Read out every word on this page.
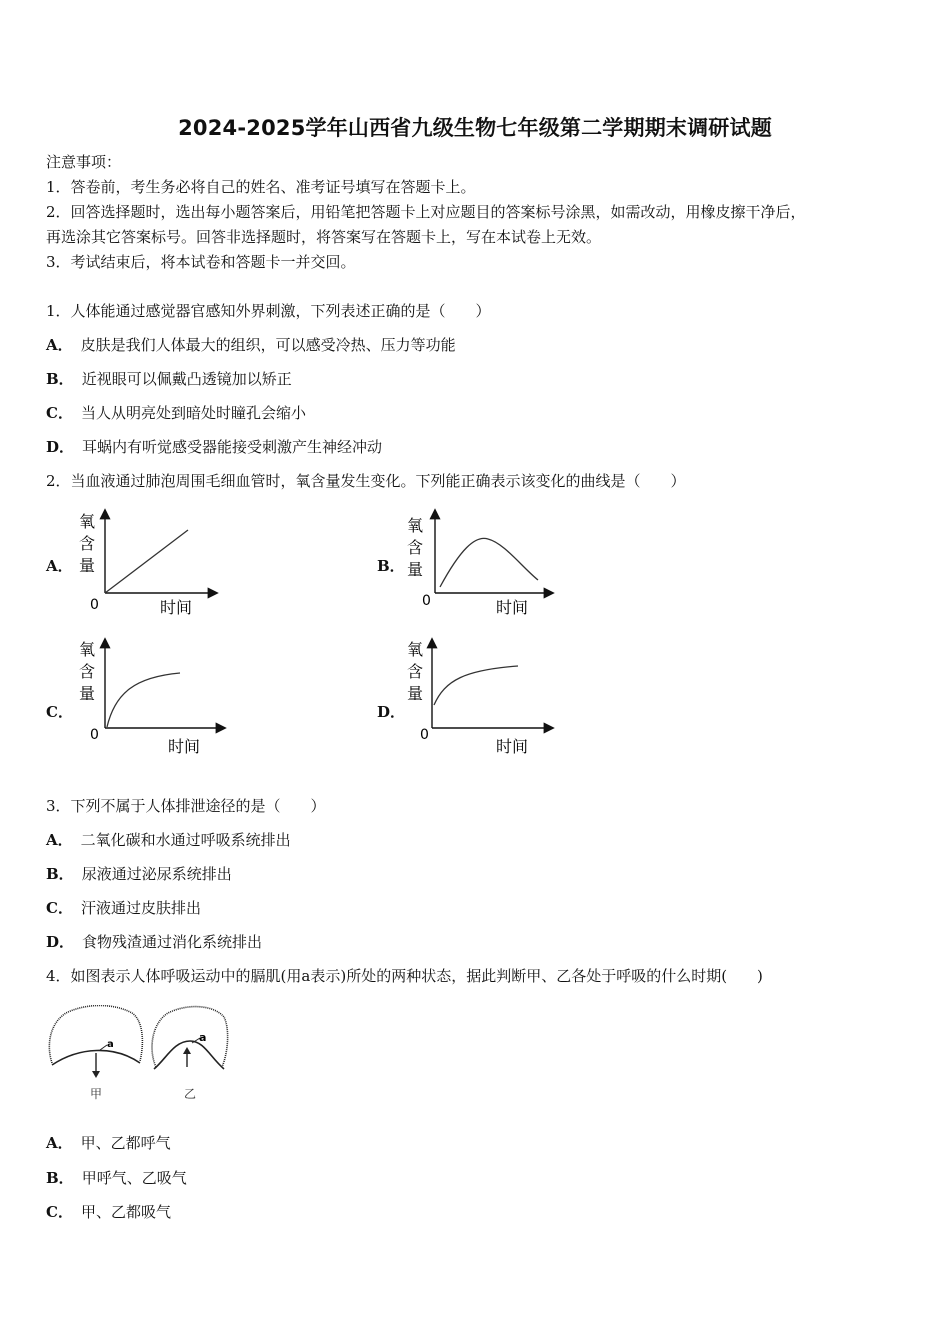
2024-2025学年山西省九级生物七年级第二学期期末调研试题
注意事项：
1．答卷前，考生务必将自己的姓名、准考证号填写在答题卡上。
2．回答选择题时，选出每小题答案后，用铅笔把答题卡上对应题目的答案标号涂黑，如需改动，用橡皮擦干净后，
再选涂其它答案标号。回答非选择题时，将答案写在答题卡上，写在本试卷上无效。
3．考试结束后，将本试卷和答题卡一并交回。
1．人体能通过感觉器官感知外界刺激，下列表述正确的是（　　）
A． 皮肤是我们人体最大的组织，可以感受冷热、压力等功能
B． 近视眼可以佩戴凸透镜加以矫正
C． 当人从明亮处到暗处时瞳孔会缩小
D． 耳蜗内有听觉感受器能接受刺激产生神经冲动
2．当血液通过肺泡周围毛细血管时，氧含量发生变化。下列能正确表示该变化的曲线是（　　）
A．	B．
C．	D．
氧
含
量
0	时间
氧
含
量
0	时间
氧
含
量
0
时间
氧
含
量
0
时间
3．下列不属于人体排泄途径的是（　　）
A． 二氧化碳和水通过呼吸系统排出
B． 尿液通过泌尿系统排出
C． 汗液通过皮肤排出
D． 食物残渣通过消化系统排出
4．如图表示人体呼吸运动中的膈肌(用a表示)所处的两种状态，据此判断甲、乙各处于呼吸的什么时期(　　)
a
甲
a
乙
A． 甲、乙都呼气
B． 甲呼气、乙吸气
C． 甲、乙都吸气
